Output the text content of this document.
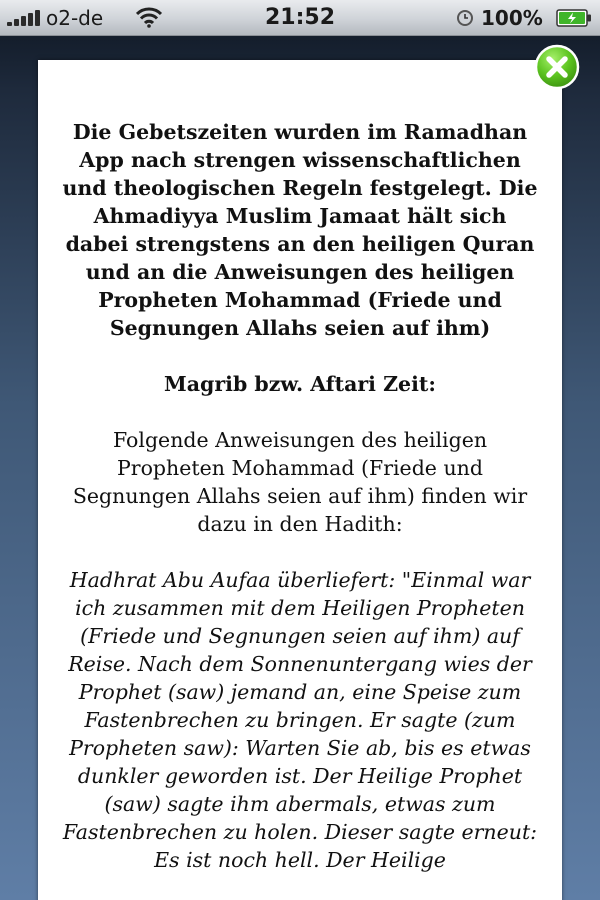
o2-de	21:52	100%

Die Gebetszeiten wurden im Ramadhan App nach strengen wissenschaftlichen und theologischen Regeln festgelegt. Die Ahmadiyya Muslim Jamaat hält sich dabei strengstens an den heiligen Quran und an die Anweisungen des heiligen Propheten Mohammad (Friede und Segnungen Allahs seien auf ihm)

Magrib bzw. Aftari Zeit:

Folgende Anweisungen des heiligen Propheten Mohammad (Friede und Segnungen Allahs seien auf ihm) finden wir dazu in den Hadith:

Hadhrat Abu Aufaa überliefert: "Einmal war ich zusammen mit dem Heiligen Propheten (Friede und Segnungen seien auf ihm) auf Reise. Nach dem Sonnenuntergang wies der Prophet (saw) jemand an, eine Speise zum Fastenbrechen zu bringen. Er sagte (zum Propheten saw): Warten Sie ab, bis es etwas dunkler geworden ist. Der Heilige Prophet (saw) sagte ihm abermals, etwas zum Fastenbrechen zu holen. Dieser sagte erneut: Es ist noch hell. Der Heilige
